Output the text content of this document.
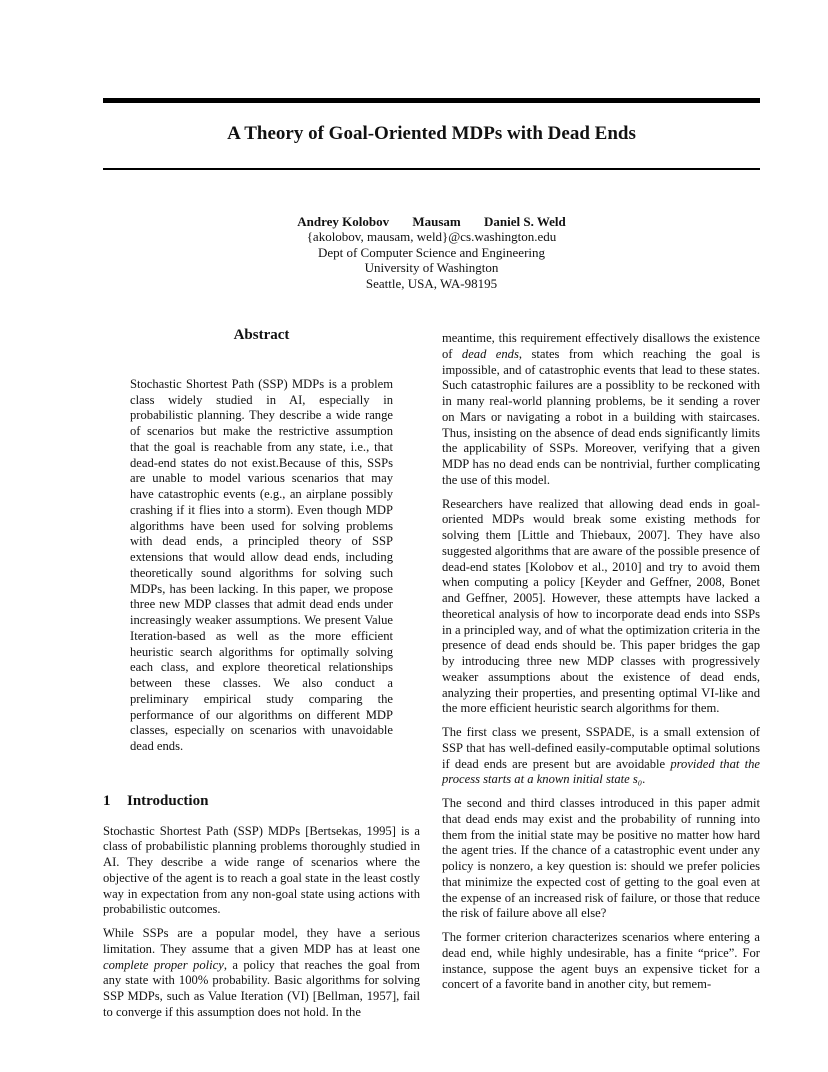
A Theory of Goal-Oriented MDPs with Dead Ends
Andrey Kolobov Mausam Daniel S. Weld
{akolobov, mausam, weld}@cs.washington.edu
Dept of Computer Science and Engineering
University of Washington
Seattle, USA, WA-98195
Abstract

Stochastic Shortest Path (SSP) MDPs is a problem class widely studied in AI, especially in probabilistic planning. They describe a wide range of scenarios but make the restrictive assumption that the goal is reachable from any state, i.e., that dead-end states do not exist.Because of this, SSPs are unable to model various scenarios that may have catastrophic events (e.g., an airplane possibly crashing if it flies into a storm). Even though MDP algorithms have been used for solving problems with dead ends, a principled theory of SSP extensions that would allow dead ends, including theoretically sound algorithms for solving such MDPs, has been lacking. In this paper, we propose three new MDP classes that admit dead ends under increasingly weaker assumptions. We present Value Iteration-based as well as the more efficient heuristic search algorithms for optimally solving each class, and explore theoretical relationships between these classes. We also conduct a preliminary empirical study comparing the performance of our algorithms on different MDP classes, especially on scenarios with unavoidable dead ends.

1 Introduction

Stochastic Shortest Path (SSP) MDPs [Bertsekas, 1995] is a class of probabilistic planning problems thoroughly studied in AI. They describe a wide range of scenarios where the objective of the agent is to reach a goal state in the least costly way in expectation from any non-goal state using actions with probabilistic outcomes.

While SSPs are a popular model, they have a serious limitation. They assume that a given MDP has at least one complete proper policy, a policy that reaches the goal from any state with 100% probability. Basic algorithms for solving SSP MDPs, such as Value Iteration (VI) [Bellman, 1957], fail to converge if this assumption does not hold. In the

meantime, this requirement effectively disallows the existence of dead ends, states from which reaching the goal is impossible, and of catastrophic events that lead to these states. Such catastrophic failures are a possiblity to be reckoned with in many real-world planning problems, be it sending a rover on Mars or navigating a robot in a building with staircases. Thus, insisting on the absence of dead ends significantly limits the applicability of SSPs. Moreover, verifying that a given MDP has no dead ends can be nontrivial, further complicating the use of this model.

Researchers have realized that allowing dead ends in goal-oriented MDPs would break some existing methods for solving them [Little and Thiebaux, 2007]. They have also suggested algorithms that are aware of the possible presence of dead-end states [Kolobov et al., 2010] and try to avoid them when computing a policy [Keyder and Geffner, 2008, Bonet and Geffner, 2005]. However, these attempts have lacked a theoretical analysis of how to incorporate dead ends into SSPs in a principled way, and of what the optimization criteria in the presence of dead ends should be. This paper bridges the gap by introducing three new MDP classes with progressively weaker assumptions about the existence of dead ends, analyzing their properties, and presenting optimal VI-like and the more efficient heuristic search algorithms for them.

The first class we present, SSPADE, is a small extension of SSP that has well-defined easily-computable optimal solutions if dead ends are present but are avoidable provided that the process starts at a known initial state s₀.

The second and third classes introduced in this paper admit that dead ends may exist and the probability of running into them from the initial state may be positive no matter how hard the agent tries. If the chance of a catastrophic event under any policy is nonzero, a key question is: should we prefer policies that minimize the expected cost of getting to the goal even at the expense of an increased risk of failure, or those that reduce the risk of failure above all else?

The former criterion characterizes scenarios where entering a dead end, while highly undesirable, has a finite “price”. For instance, suppose the agent buys an expensive ticket for a concert of a favorite band in another city, but remem-
